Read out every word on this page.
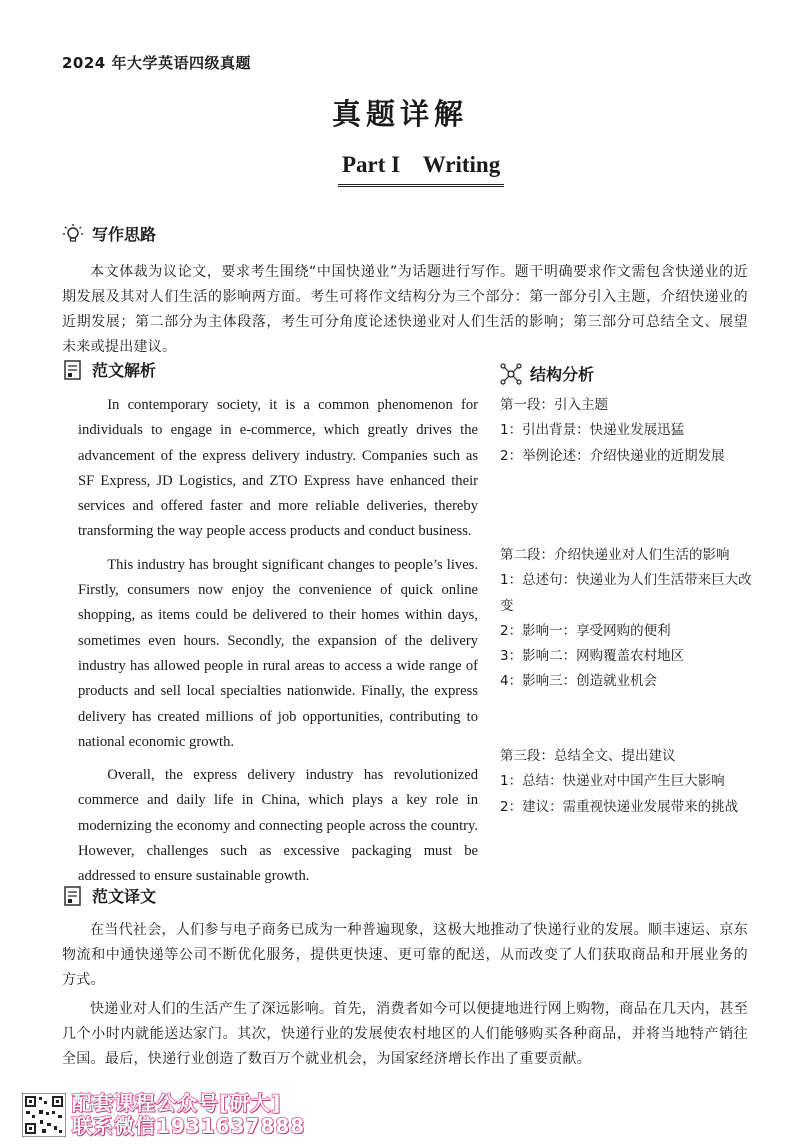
2024 年大学英语四级真题
真题详解
Part I    Writing
写作思路

本文体裁为议论文，要求考生围绕“中国快递业”为话题进行写作。题干明确要求作文需包含快递业的近期发展及其对人们生活的影响两方面。考生可将作文结构分为三个部分：第一部分引入主题，介绍快递业的近期发展；第二部分为主体段落，考生可分角度论述快递业对人们生活的影响；第三部分可总结全文、展望未来或提出建议。

范文解析

In contemporary society, it is a common phenomenon for individuals to engage in e-commerce, which greatly drives the advancement of the express delivery industry. Companies such as SF Express, JD Logistics, and ZTO Express have enhanced their services and offered faster and more reliable deliveries, thereby transforming the way people access products and conduct business.

This industry has brought significant changes to people’s lives. Firstly, consumers now enjoy the convenience of quick online shopping, as items could be delivered to their homes within days, sometimes even hours. Secondly, the expansion of the delivery industry has allowed people in rural areas to access a wide range of products and sell local specialties nationwide. Finally, the express delivery has created millions of job opportunities, contributing to national economic growth.

Overall, the express delivery industry has revolutionized commerce and daily life in China, which plays a key role in modernizing the economy and connecting people across the country. However, challenges such as excessive packaging must be addressed to ensure sustainable growth.

结构分析
第一段：引入主题
1：引出背景：快递业发展迅猛
2：举例论述：介绍快递业的近期发展
第二段：介绍快递业对人们生活的影响
1：总述句：快递业为人们生活带来巨大改变
2：影响一：享受网购的便利
3：影响二：网购覆盖农村地区
4：影响三：创造就业机会
第三段：总结全文、提出建议
1：总结：快递业对中国产生巨大影响
2：建议：需重视快递业发展带来的挑战
范文译文

在当代社会，人们参与电子商务已成为一种普遍现象，这极大地推动了快递行业的发展。顺丰速运、京东物流和中通快递等公司不断优化服务，提供更快速、更可靠的配送，从而改变了人们获取商品和开展业务的方式。

快递业对人们的生活产生了深远影响。首先，消费者如今可以便捷地进行网上购物，商品在几天内，甚至几个小时内就能送达家门。其次，快递行业的发展使农村地区的人们能够购买各种商品，并将当地特产销往全国。最后，快递行业创造了数百万个就业机会，为国家经济增长作出了重要贡献。

配套课程公众号[研大]
联系微信19316378​88
